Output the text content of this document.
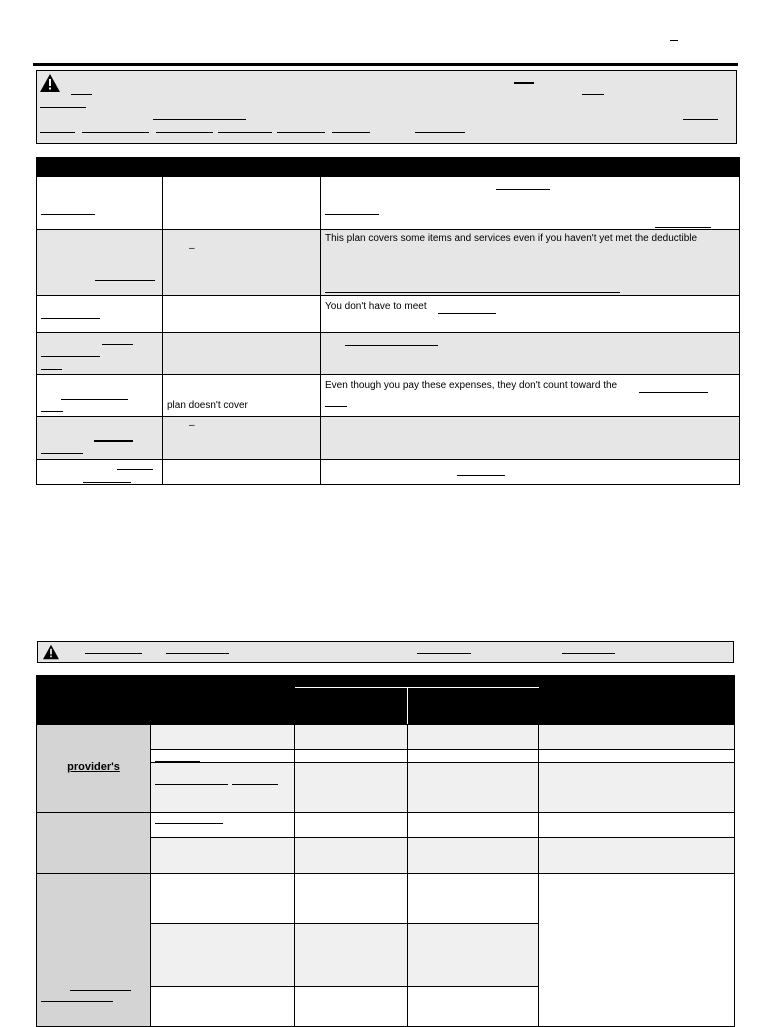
	–	This plan covers some items and services even if you haven't yet met the deductible

		You don't have to meet

	plan doesn't cover	Even though you pay these expenses, they don't count toward the

	–	

provider's				
